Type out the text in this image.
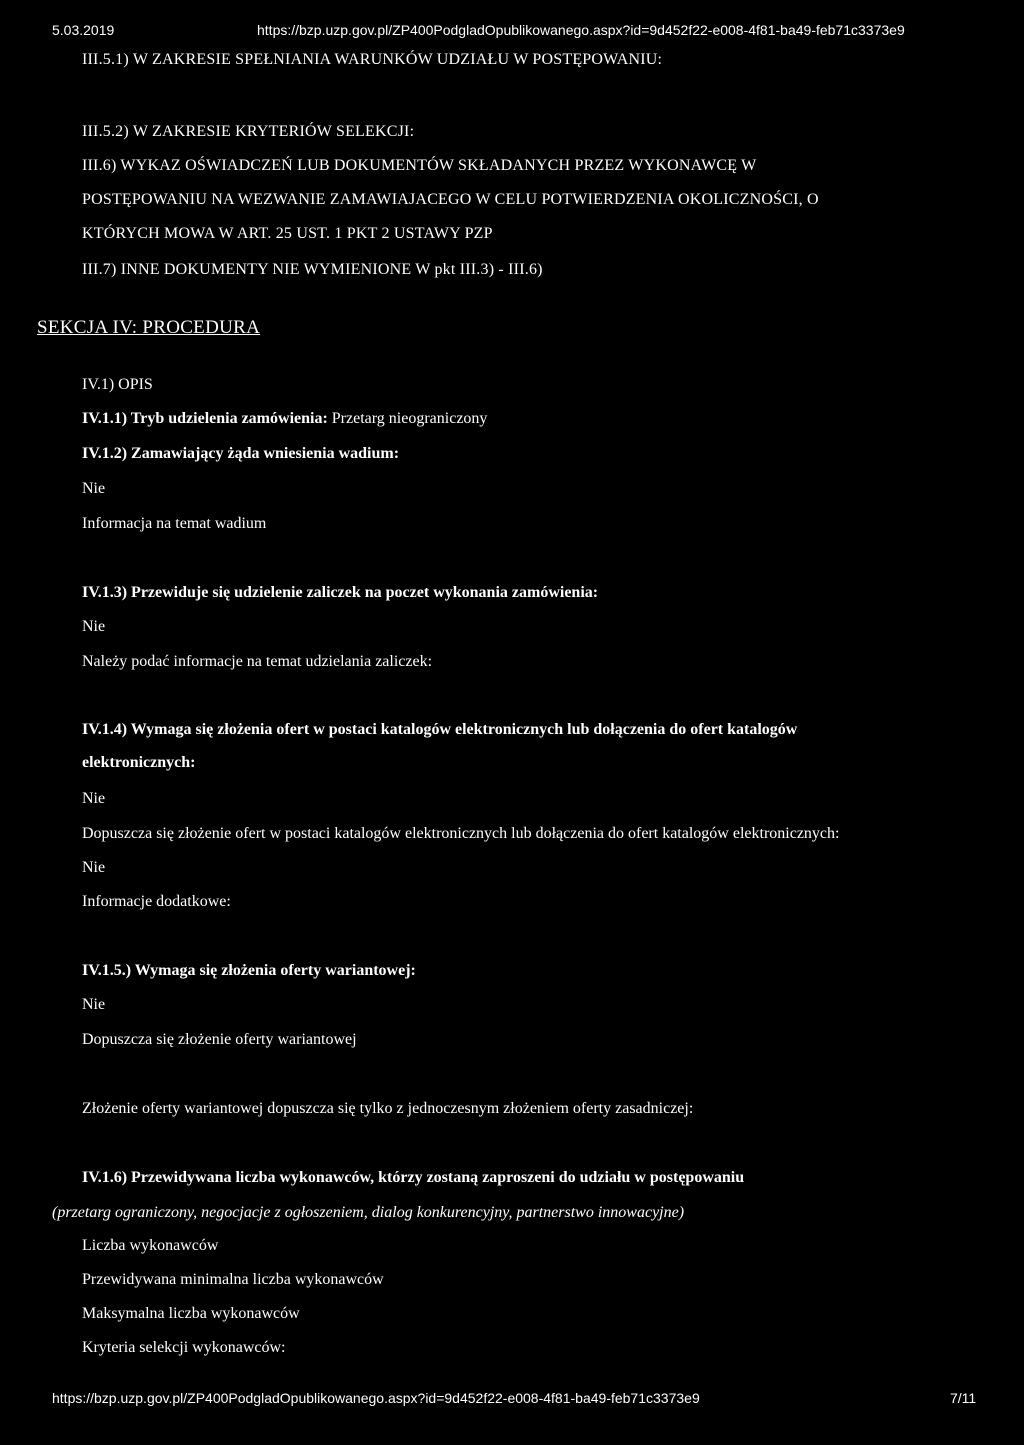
5.03.2019	https://bzp.uzp.gov.pl/ZP400PodgladOpublikowanego.aspx?id=9d452f22-e008-4f81-ba49-feb71c3373e9
III.5.1) W ZAKRESIE SPEŁNIANIA WARUNKÓW UDZIAŁU W POSTĘPOWANIU:
III.5.2) W ZAKRESIE KRYTERIÓW SELEKCJI:
III.6) WYKAZ OŚWIADCZEŃ LUB DOKUMENTÓW SKŁADANYCH PRZEZ WYKONAWCĘ W
POSTĘPOWANIU NA WEZWANIE ZAMAWIAJACEGO W CELU POTWIERDZENIA OKOLICZNOŚCI, O
KTÓRYCH MOWA W ART. 25 UST. 1 PKT 2 USTAWY PZP
III.7) INNE DOKUMENTY NIE WYMIENIONE W pkt III.3) - III.6)
SEKCJA IV: PROCEDURA
IV.1) OPIS
IV.1.1) Tryb udzielenia zamówienia: Przetarg nieograniczony
IV.1.2) Zamawiający żąda wniesienia wadium:
Nie
Informacja na temat wadium
IV.1.3) Przewiduje się udzielenie zaliczek na poczet wykonania zamówienia:
Nie
Należy podać informacje na temat udzielania zaliczek:
IV.1.4) Wymaga się złożenia ofert w postaci katalogów elektronicznych lub dołączenia do ofert katalogów
elektronicznych:
Nie
Dopuszcza się złożenie ofert w postaci katalogów elektronicznych lub dołączenia do ofert katalogów elektronicznych:
Nie
Informacje dodatkowe:
IV.1.5.) Wymaga się złożenia oferty wariantowej:
Nie
Dopuszcza się złożenie oferty wariantowej
Złożenie oferty wariantowej dopuszcza się tylko z jednoczesnym złożeniem oferty zasadniczej:
IV.1.6) Przewidywana liczba wykonawców, którzy zostaną zaproszeni do udziału w postępowaniu
(przetarg ograniczony, negocjacje z ogłoszeniem, dialog konkurencyjny, partnerstwo innowacyjne)
Liczba wykonawców
Przewidywana minimalna liczba wykonawców
Maksymalna liczba wykonawców
Kryteria selekcji wykonawców:
https://bzp.uzp.gov.pl/ZP400PodgladOpublikowanego.aspx?id=9d452f22-e008-4f81-ba49-feb71c3373e9	7/11
